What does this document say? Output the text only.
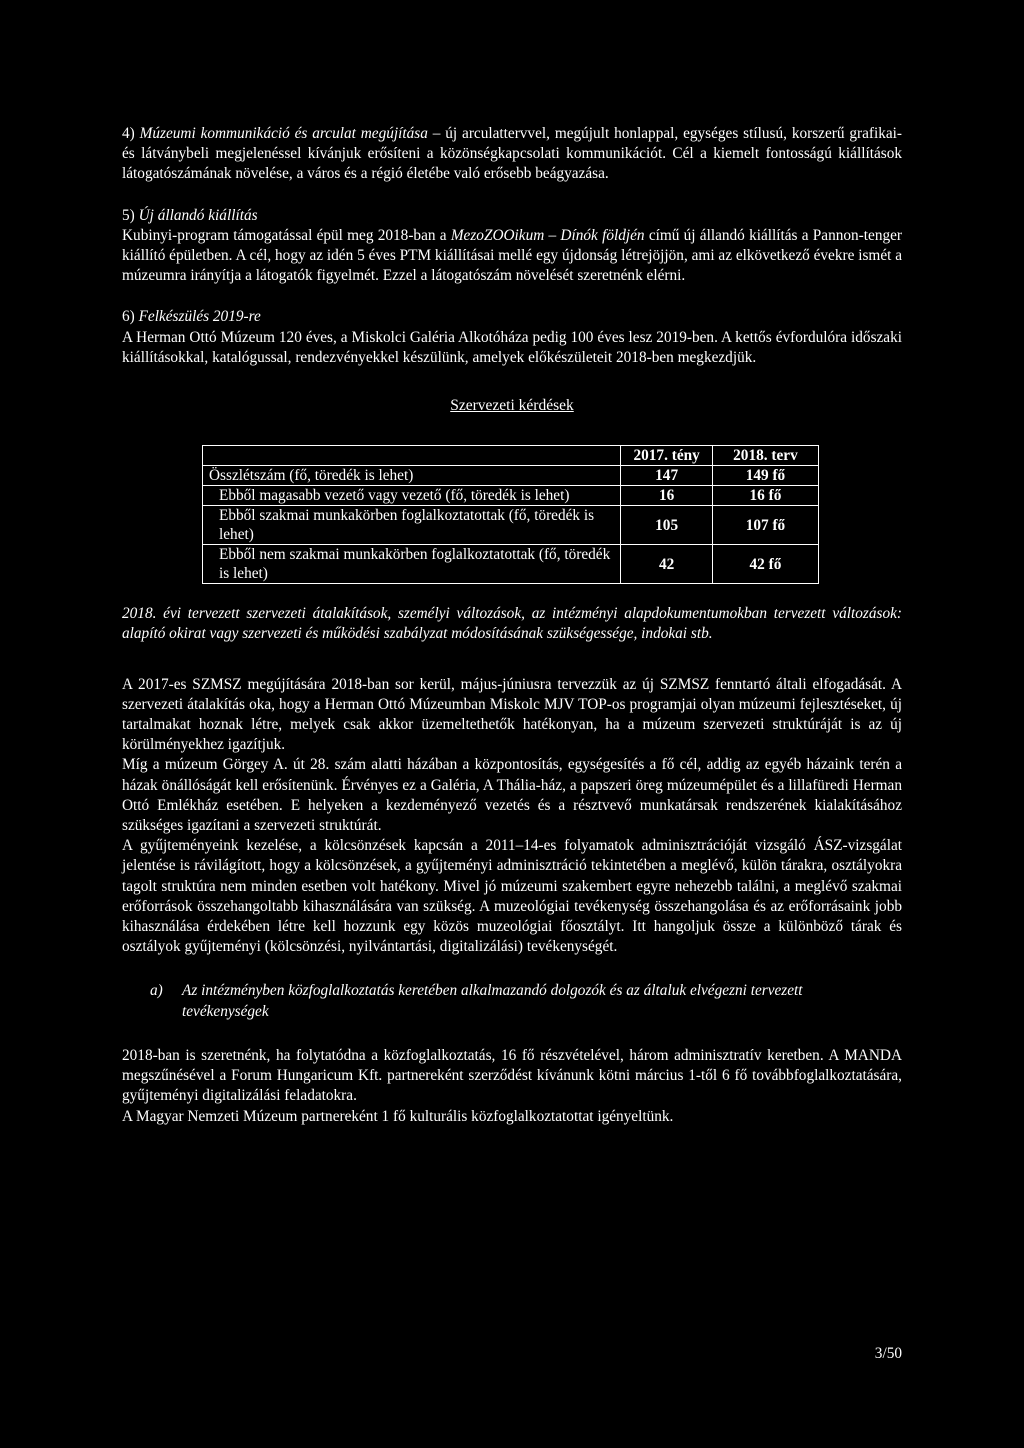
4) Múzeumi kommunikáció és arculat megújítása – új arculattervvel, megújult honlappal, egységes stílusú, korszerű grafikai- és látványbeli megjelenéssel kívánjuk erősíteni a közönségkapcsolati kommunikációt. Cél a kiemelt fontosságú kiállítások látogatószámának növelése, a város és a régió életébe való erősebb beágyazása.

5) Új állandó kiállítás

Kubinyi-program támogatással épül meg 2018-ban a MezoZOOikum – Dínók földjén című új állandó kiállítás a Pannon-tenger kiállító épületben. A cél, hogy az idén 5 éves PTM kiállításai mellé egy újdonság létrejöjjön, ami az elkövetkező évekre ismét a múzeumra irányítja a látogatók figyelmét. Ezzel a látogatószám növelését szeretnénk elérni.

6) Felkészülés 2019-re

A Herman Ottó Múzeum 120 éves, a Miskolci Galéria Alkotóháza pedig 100 éves lesz 2019-ben. A kettős évfordulóra időszaki kiállításokkal, katalógussal, rendezvényekkel készülünk, amelyek előkészületeit 2018-ben megkezdjük.

Szervezeti kérdések

	2017. tény	2018. terv
Összlétszám (fő, töredék is lehet)	147	149 fő
Ebből magasabb vezető vagy vezető (fő, töredék is lehet)	16	16 fő
Ebből szakmai munkakörben foglalkoztatottak (fő, töredék is lehet)	105	107 fő
Ebből nem szakmai munkakörben foglalkoztatottak (fő, töredék is lehet)	42	42 fő

2018. évi tervezett szervezeti átalakítások, személyi változások, az intézményi alapdokumentumokban tervezett változások: alapító okirat vagy szervezeti és működési szabályzat módosításának szükségessége, indokai stb.

A 2017-es SZMSZ megújítására 2018-ban sor kerül, május-júniusra tervezzük az új SZMSZ fenntartó általi elfogadását. A szervezeti átalakítás oka, hogy a Herman Ottó Múzeumban Miskolc MJV TOP-os programjai olyan múzeumi fejlesztéseket, új tartalmakat hoznak létre, melyek csak akkor üzemeltethetők hatékonyan, ha a múzeum szervezeti struktúráját is az új körülményekhez igazítjuk.

Míg a múzeum Görgey A. út 28. szám alatti házában a központosítás, egységesítés a fő cél, addig az egyéb házaink terén a házak önállóságát kell erősítenünk. Érvényes ez a Galéria, A Thália-ház, a papszeri öreg múzeumépület és a lillafüredi Herman Ottó Emlékház esetében. E helyeken a kezdeményező vezetés és a résztvevő munkatársak rendszerének kialakításához szükséges igazítani a szervezeti struktúrát.

A gyűjteményeink kezelése, a kölcsönzések kapcsán a 2011–14-es folyamatok adminisztrációját vizsgáló ÁSZ-vizsgálat jelentése is rávilágított, hogy a kölcsönzések, a gyűjteményi adminisztráció tekintetében a meglévő, külön tárakra, osztályokra tagolt struktúra nem minden esetben volt hatékony. Mivel jó múzeumi szakembert egyre nehezebb találni, a meglévő szakmai erőforrások összehangoltabb kihasználására van szükség. A muzeológiai tevékenység összehangolása és az erőforrásaink jobb kihasználása érdekében létre kell hozzunk egy közös muzeológiai főosztályt. Itt hangoljuk össze a különböző tárak és osztályok gyűjteményi (kölcsönzési, nyilvántartási, digitalizálási) tevékenységét.

a)	Az intézményben közfoglalkoztatás keretében alkalmazandó dolgozók és az általuk elvégezni tervezett tevékenységek

2018-ban is szeretnénk, ha folytatódna a közfoglalkoztatás, 16 fő részvételével, három adminisztratív keretben. A MANDA megszűnésével a Forum Hungaricum Kft. partnereként szerződést kívánunk kötni március 1-től 6 fő továbbfoglalkoztatására, gyűjteményi digitalizálási feladatokra.

A Magyar Nemzeti Múzeum partnereként 1 fő kulturális közfoglalkoztatottat igényeltünk.

3/50
